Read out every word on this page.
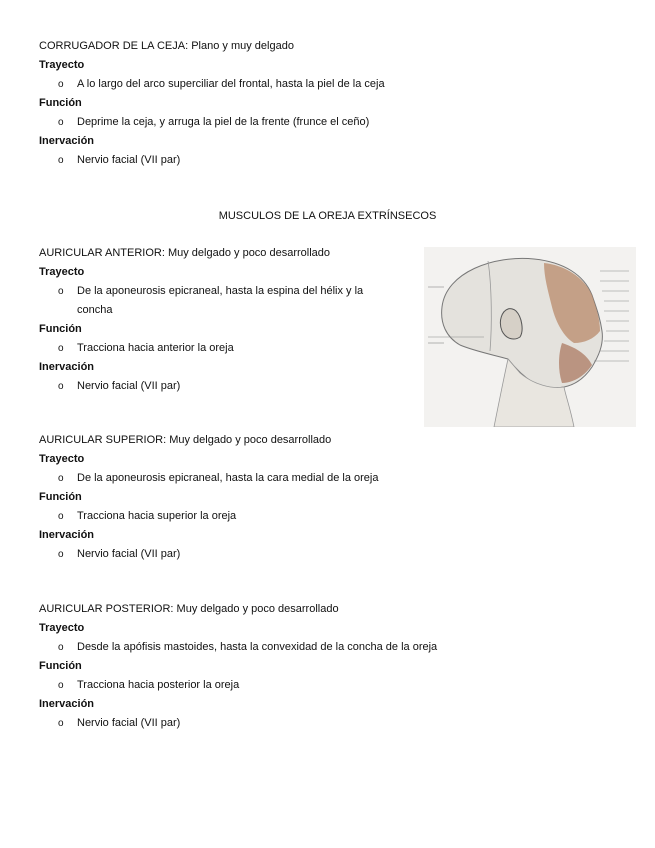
CORRUGADOR DE LA CEJA: Plano y muy delgado
Trayecto
o A lo largo del arco superciliar del frontal, hasta la piel de la ceja
Función
o Deprime la ceja, y arruga la piel de la frente (frunce el ceño)
Inervación
o Nervio facial (VII par)
MUSCULOS DE LA OREJA EXTRÍNSECOS
AURICULAR ANTERIOR: Muy delgado y poco desarrollado
Trayecto
o De la aponeurosis epicraneal, hasta la espina del hélix y la concha
Función
o Tracciona hacia anterior la oreja
Inervación
o Nervio facial (VII par)
AURICULAR SUPERIOR: Muy delgado y poco desarrollado
Trayecto
o De la aponeurosis epicraneal, hasta la cara medial de la oreja
Función
o Tracciona hacia superior la oreja
Inervación
o Nervio facial (VII par)
AURICULAR POSTERIOR: Muy delgado y poco desarrollado
Trayecto
o Desde la apófisis mastoides, hasta la convexidad de la concha de la oreja
Función
o Tracciona hacia posterior la oreja
Inervación
o Nervio facial (VII par)
